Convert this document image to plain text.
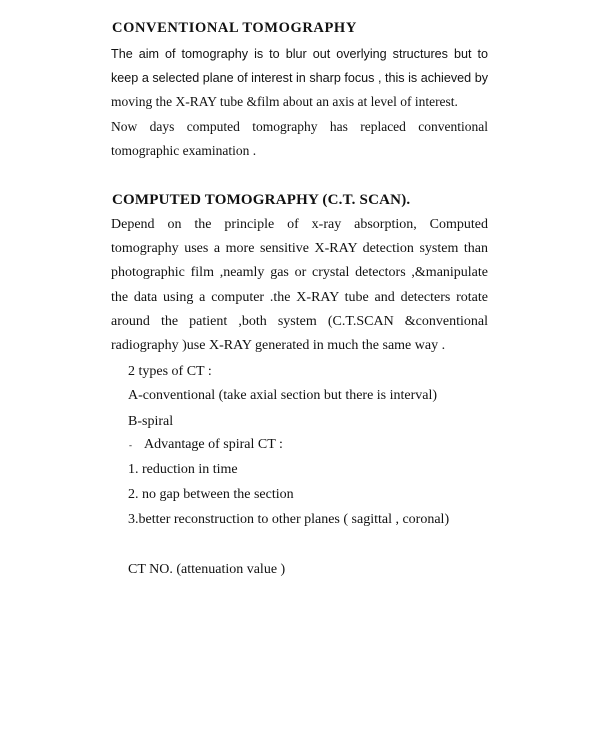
CONVENTIONAL TOMOGRAPHY
The aim of tomography is to blur out overlying structures but to
keep a selected plane of interest in sharp focus , this is achieved by
moving the X-RAY tube &film about an axis at level of interest.
Now days computed tomography has replaced conventional
tomographic examination .
COMPUTED TOMOGRAPHY (C.T. SCAN).
Depend on the principle of x-ray absorption, Computed
tomography uses a more sensitive X-RAY detection system than
photographic film ,neamly gas or crystal detectors ,&manipulate
the data using a computer .the X-RAY tube and detecters rotate
around the patient ,both system (C.T.SCAN &conventional
radiography )use X-RAY generated in much the same way .
2 types of CT :
A-conventional (take axial section but there is interval)
B-spiral
- Advantage of spiral CT :
1. reduction in time
2. no gap between the section
3.better reconstruction to other planes ( sagittal , coronal)
CT NO. (attenuation value )
